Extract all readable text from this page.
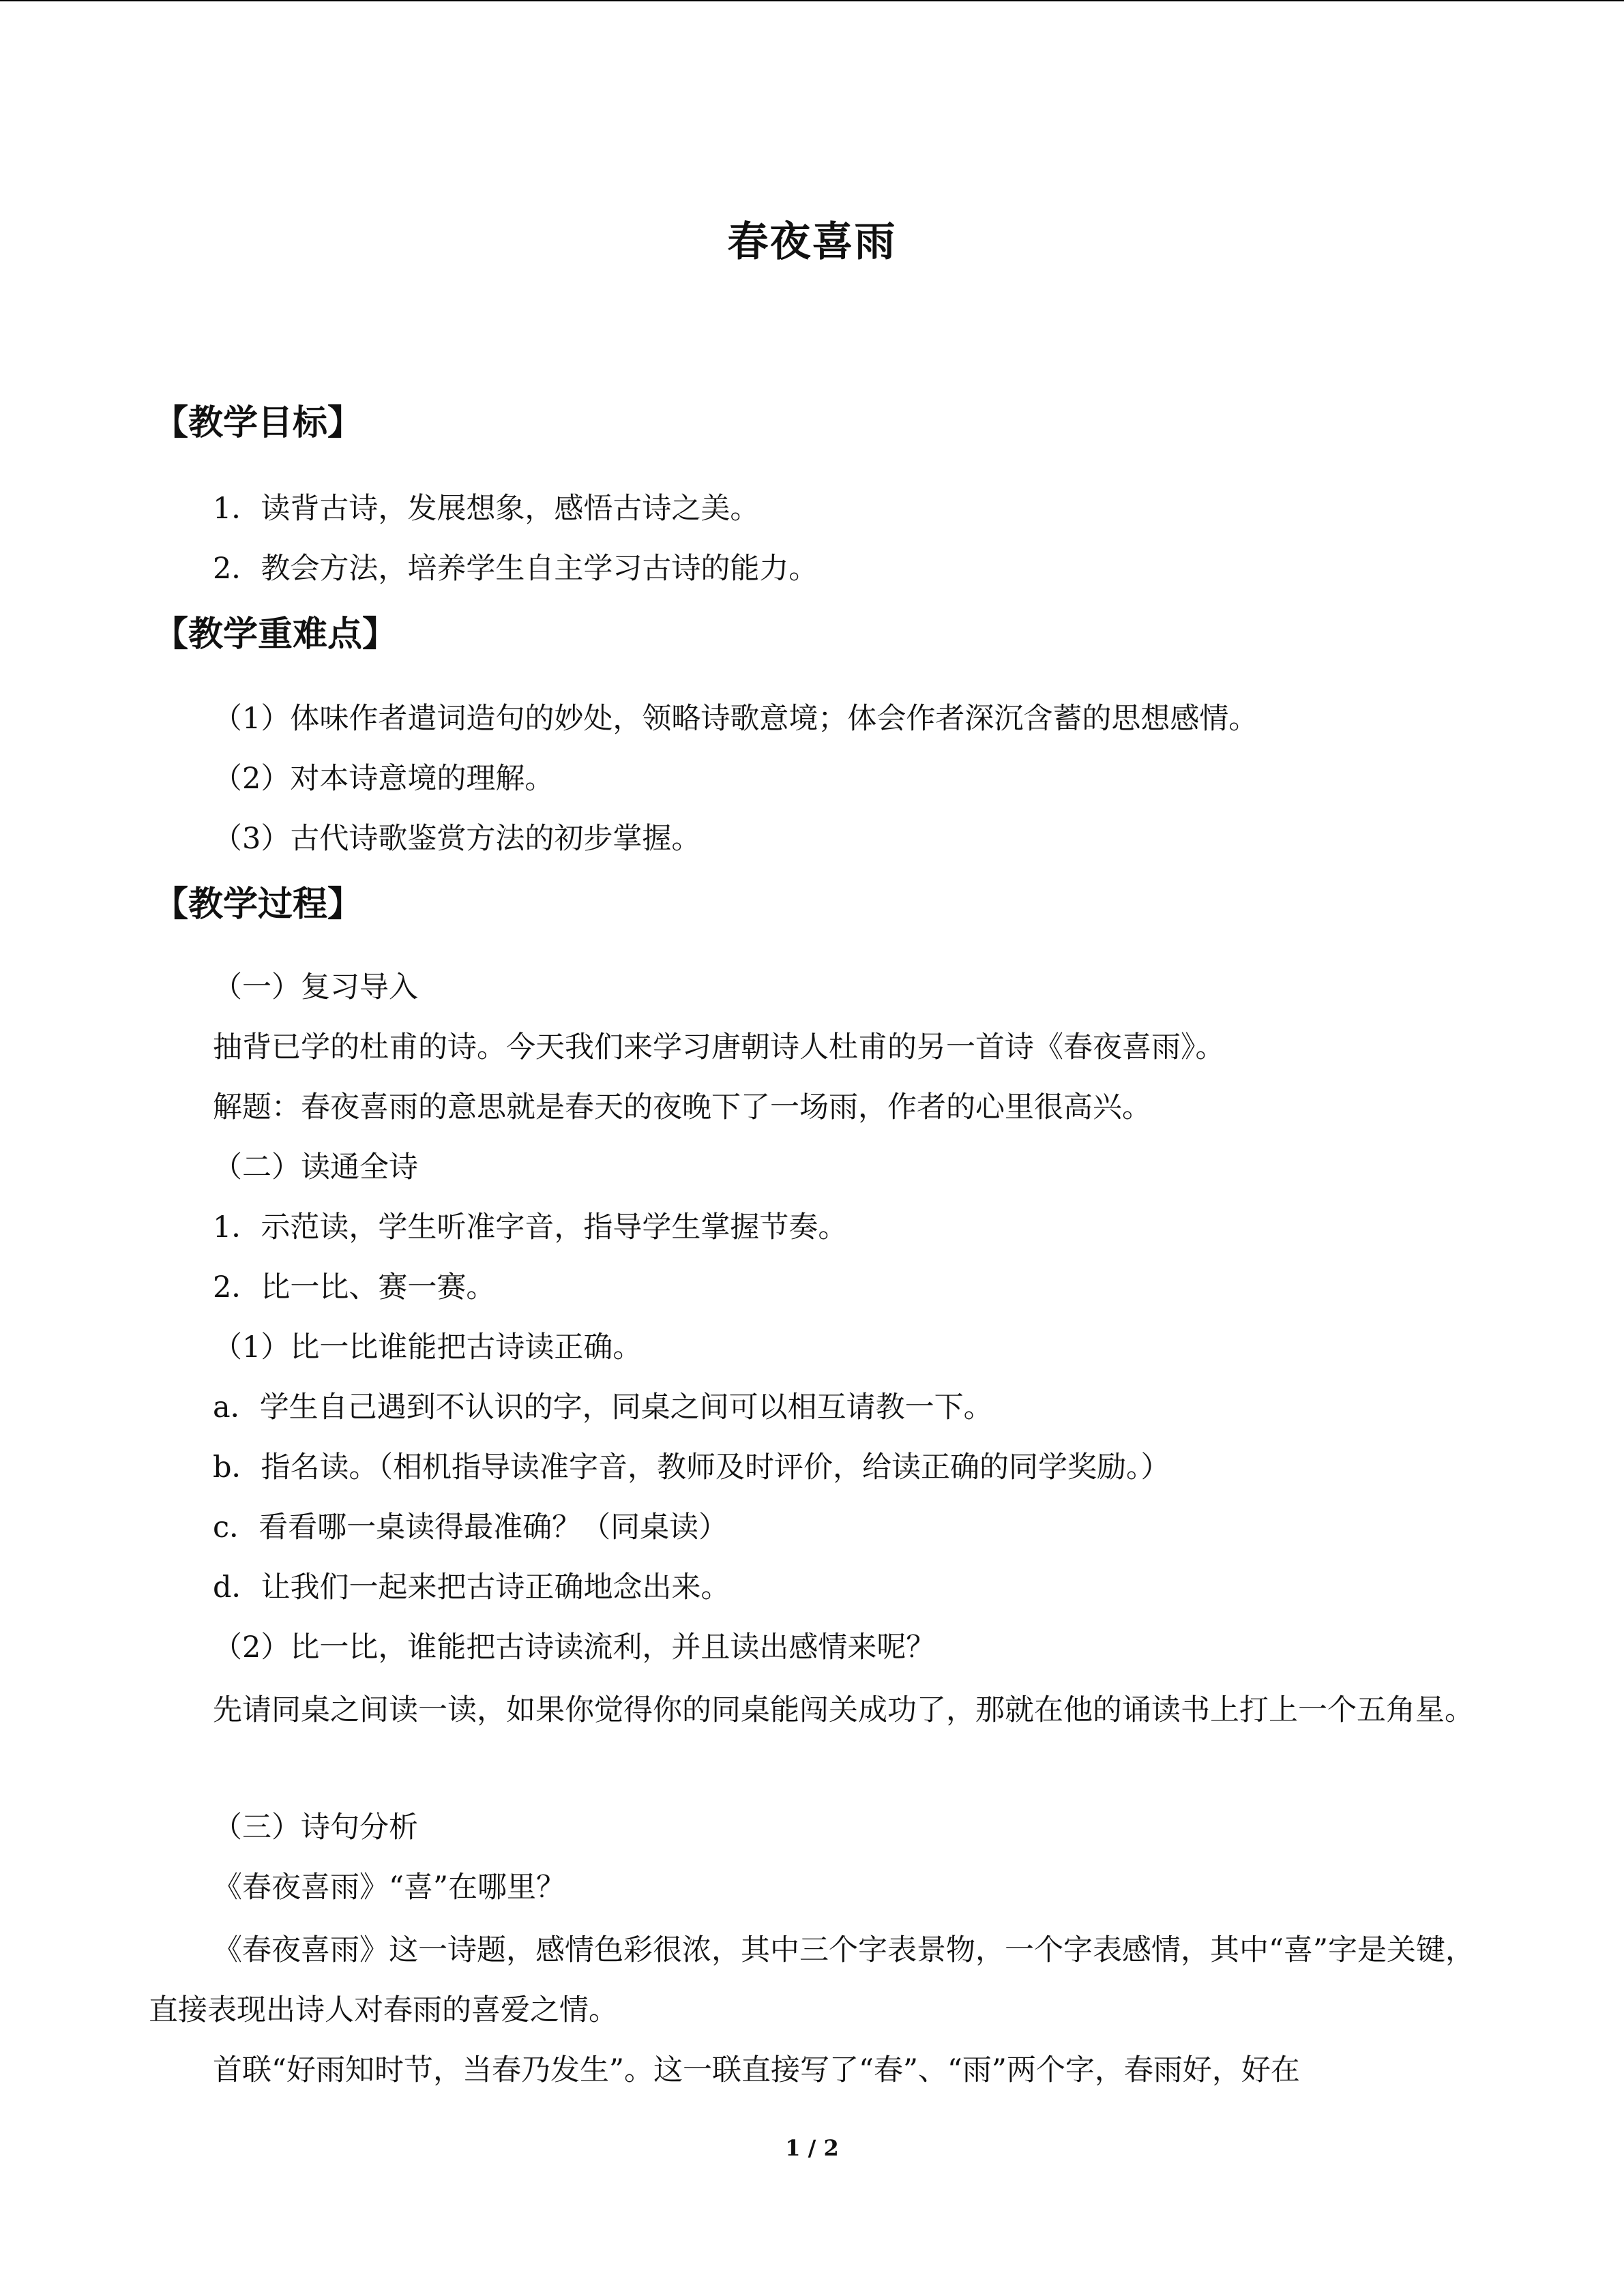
春夜喜雨
【教学目标】
1．读背古诗，发展想象，感悟古诗之美。
2．教会方法，培养学生自主学习古诗的能力。
【教学重难点】
（1）体味作者遣词造句的妙处，领略诗歌意境；体会作者深沉含蓄的思想感情。
（2）对本诗意境的理解。
（3）古代诗歌鉴赏方法的初步掌握。
【教学过程】
（一）复习导入
抽背已学的杜甫的诗。今天我们来学习唐朝诗人杜甫的另一首诗《春夜喜雨》。
解题：春夜喜雨的意思就是春天的夜晚下了一场雨，作者的心里很高兴。
（二）读通全诗
1．示范读，学生听准字音，指导学生掌握节奏。
2．比一比、赛一赛。
（1）比一比谁能把古诗读正确。
a．学生自己遇到不认识的字，同桌之间可以相互请教一下。
b．指名读。（相机指导读准字音，教师及时评价，给读正确的同学奖励。）
c．看看哪一桌读得最准确？（同桌读）
d．让我们一起来把古诗正确地念出来。
（2）比一比，谁能把古诗读流利，并且读出感情来呢？
先请同桌之间读一读，如果你觉得你的同桌能闯关成功了，那就在他的诵读书上打上一个五角星。
（三）诗句分析
《春夜喜雨》“喜”在哪里？
《春夜喜雨》这一诗题，感情色彩很浓，其中三个字表景物，一个字表感情，其中“喜”字是关键，直接表现出诗人对春雨的喜爱之情。
首联“好雨知时节，当春乃发生”。这一联直接写了“春”、“雨”两个字，春雨好，好在
1 / 2
